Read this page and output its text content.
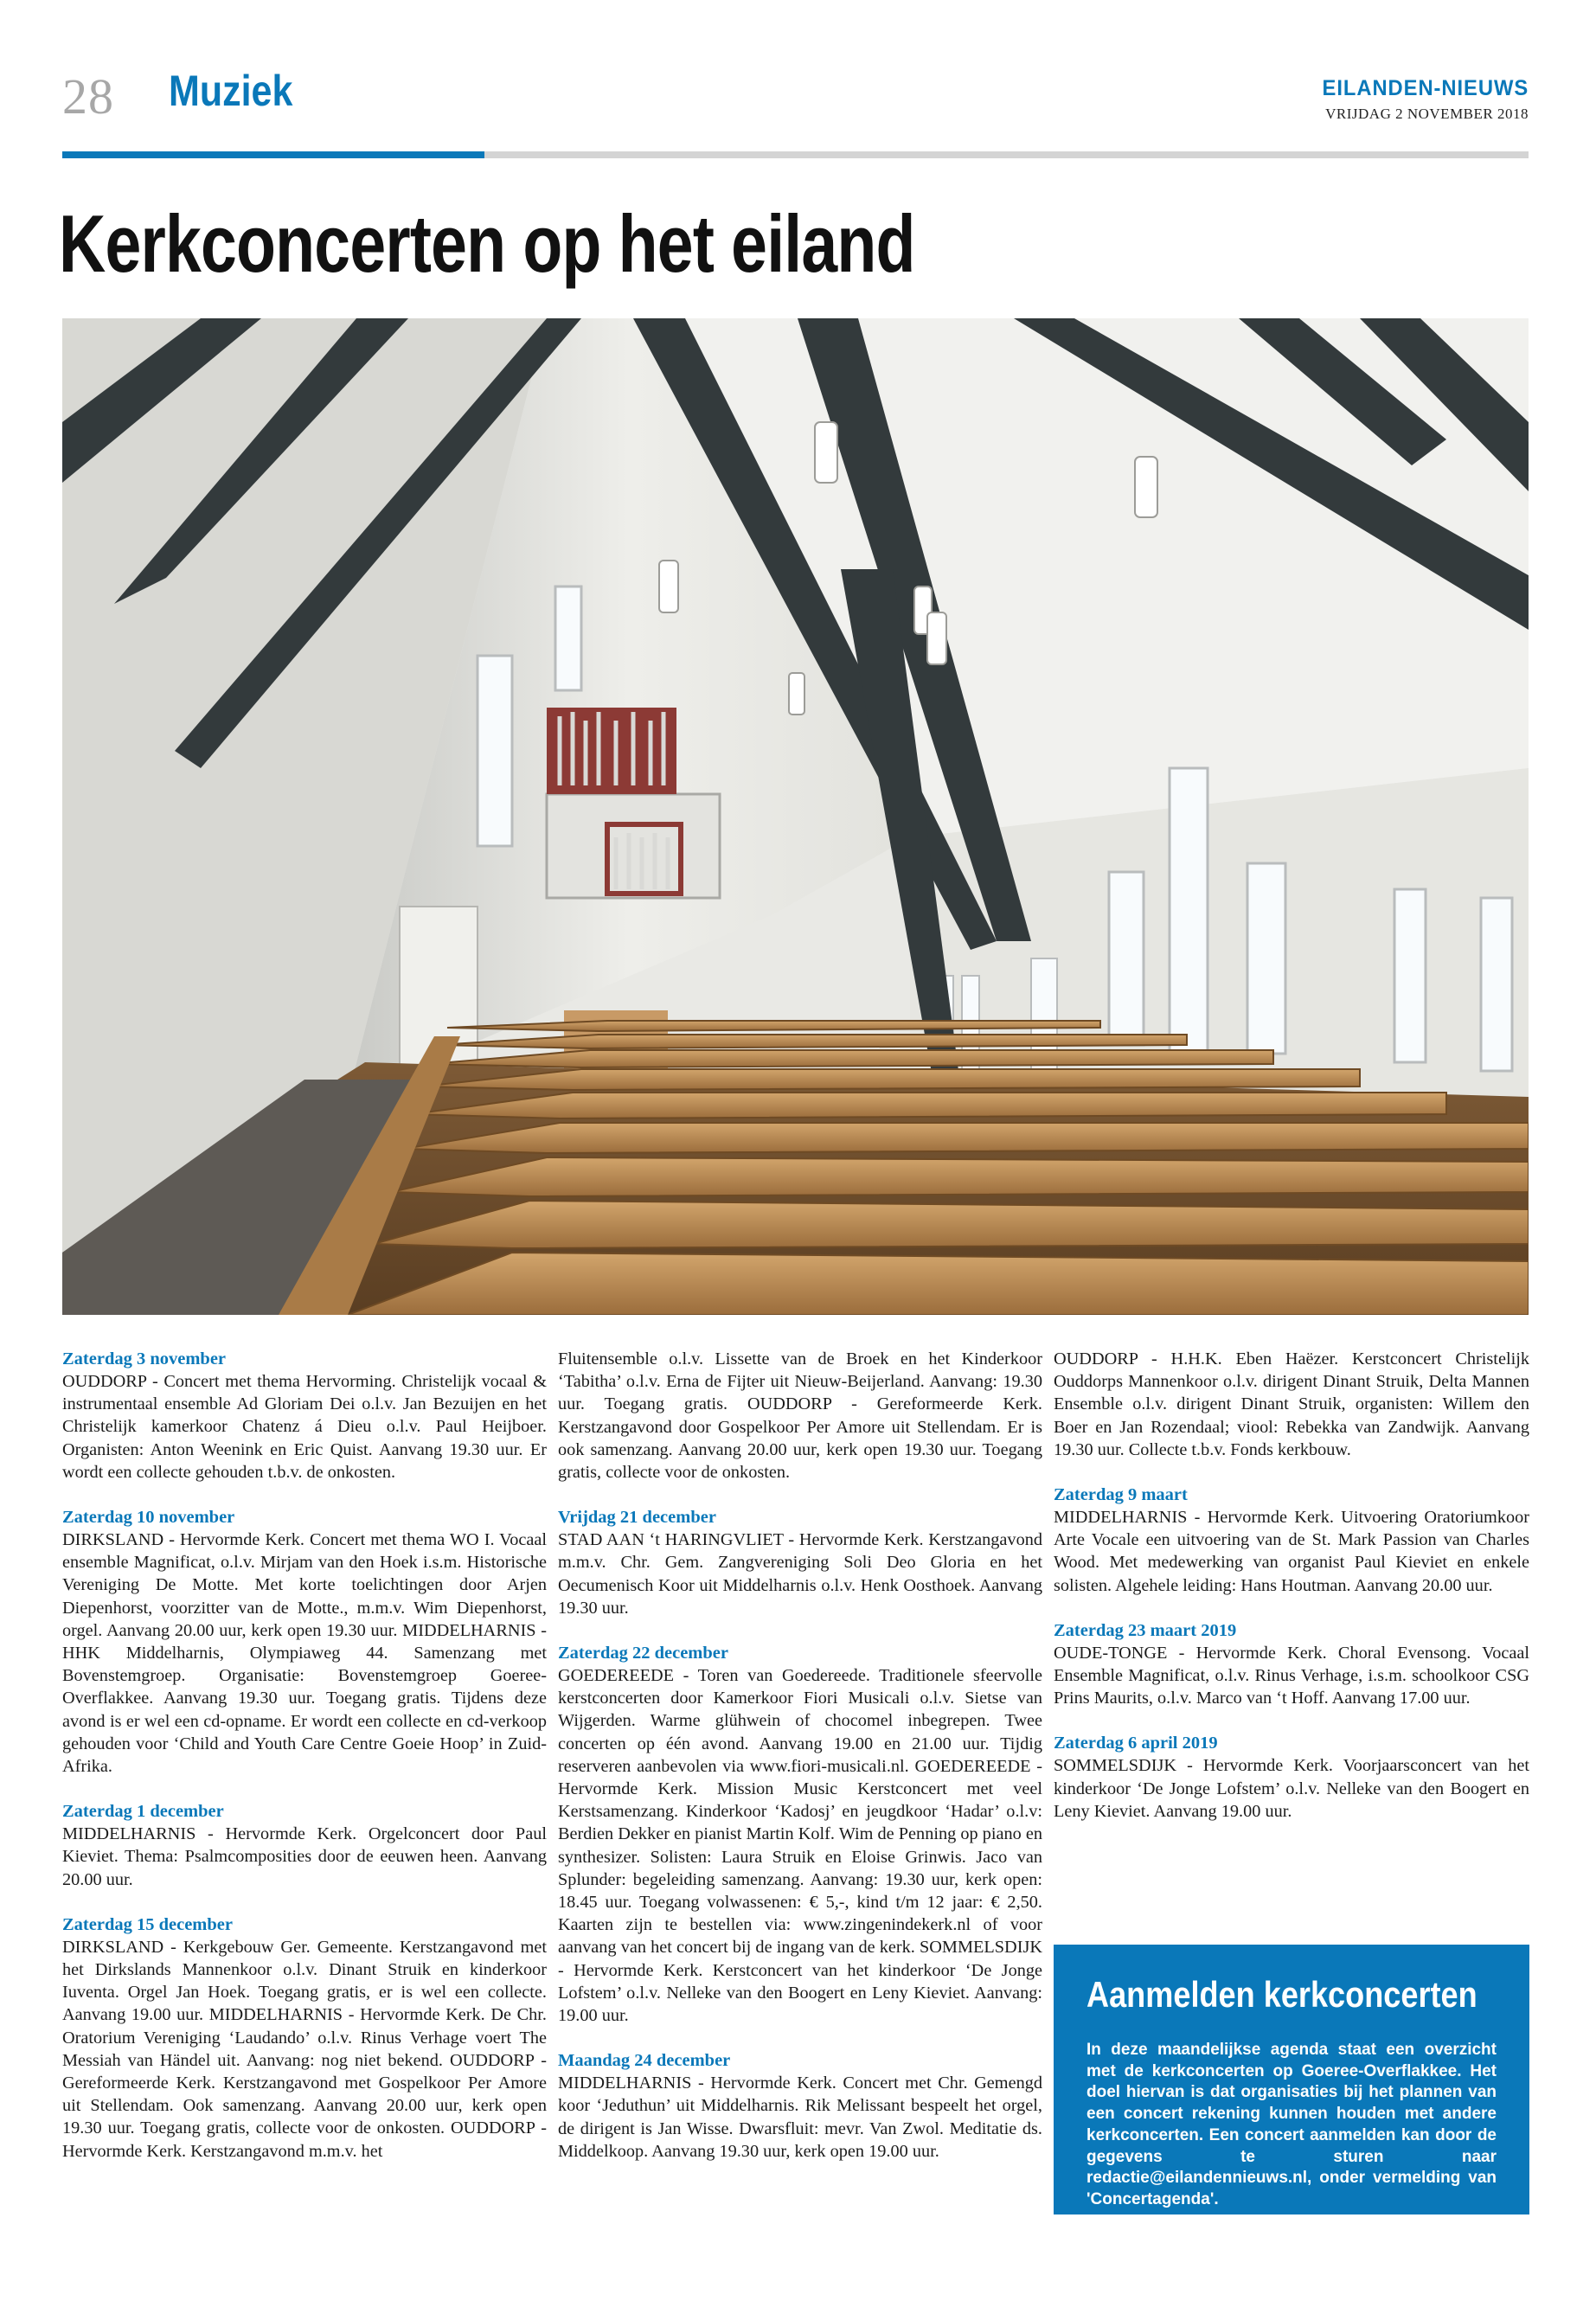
28 Muziek	EILANDEN-NIEUWS
VRIJDAG 2 NOVEMBER 2018
Kerkconcerten op het eiland
Zaterdag 3 november

OUDDORP - Concert met thema Hervorming. Christelijk vocaal & instrumentaal ensemble Ad Gloriam Dei o.l.v. Jan Bezuijen en het Christelijk kamerkoor Chatenz á Dieu o.l.v. Paul Heijboer. Organisten: Anton Weenink en Eric Quist. Aanvang 19.30 uur. Er wordt een collecte gehouden t.b.v. de onkosten.

Zaterdag 10 november

DIRKSLAND - Hervormde Kerk. Concert met thema WO I. Vocaal ensemble Magnificat, o.l.v. Mirjam van den Hoek i.s.m. Historische Vereniging De Motte. Met korte toelichtingen door Arjen Diepenhorst, voorzitter van de Motte., m.m.v. Wim Diepenhorst, orgel. Aanvang 20.00 uur, kerk open 19.30 uur. MIDDELHARNIS - HHK Middelharnis, Olympiaweg 44. Samenzang met Bovenstemgroep. Organisatie: Bovenstemgroep Goeree-Overflakkee. Aanvang 19.30 uur. Toegang gratis. Tijdens deze avond is er wel een cd-opname. Er wordt een collecte en cd-verkoop gehouden voor ‘Child and Youth Care Centre Goeie Hoop’ in Zuid-Afrika.

Zaterdag 1 december

MIDDELHARNIS - Hervormde Kerk. Orgelconcert door Paul Kieviet. Thema: Psalmcomposities door de eeuwen heen. Aanvang 20.00 uur.

Zaterdag 15 december

DIRKSLAND - Kerkgebouw Ger. Gemeente. Kerstzangavond met het Dirkslands Mannenkoor o.l.v. Dinant Struik en kinderkoor Iuventa. Orgel Jan Hoek. Toegang gratis, er is wel een collecte. Aanvang 19.00 uur. MIDDELHARNIS - Hervormde Kerk. De Chr. Oratorium Vereniging ‘Laudando’ o.l.v. Rinus Verhage voert The Messiah van Händel uit. Aanvang: nog niet bekend. OUDDORP - Gereformeerde Kerk. Kerstzangavond met Gospelkoor Per Amore uit Stellendam. Ook samenzang. Aanvang 20.00 uur, kerk open 19.30 uur. Toegang gratis, collecte voor de onkosten. OUDDORP - Hervormde Kerk. Kerstzangavond m.m.v. het

Fluitensemble o.l.v. Lissette van de Broek en het Kinderkoor ‘Tabitha’ o.l.v. Erna de Fijter uit Nieuw-Beijerland. Aanvang: 19.30 uur. Toegang gratis. OUDDORP - Gereformeerde Kerk. Kerstzangavond door Gospelkoor Per Amore uit Stellendam. Er is ook samenzang. Aanvang 20.00 uur, kerk open 19.30 uur. Toegang gratis, collecte voor de onkosten.

Vrijdag 21 december

STAD AAN ‘t HARINGVLIET - Hervormde Kerk. Kerstzangavond m.m.v. Chr. Gem. Zangvereniging Soli Deo Gloria en het Oecumenisch Koor uit Middelharnis o.l.v. Henk Oosthoek. Aanvang 19.30 uur.

Zaterdag 22 december

GOEDEREEDE - Toren van Goedereede. Traditionele sfeervolle kerstconcerten door Kamerkoor Fiori Musicali o.l.v. Sietse van Wijgerden. Warme glühwein of chocomel inbegrepen. Twee concerten op één avond. Aanvang 19.00 en 21.00 uur. Tijdig reserveren aanbevolen via www.fiori-musicali.nl. GOEDEREEDE - Hervormde Kerk. Mission Music Kerstconcert met veel Kerstsamenzang. Kinderkoor ‘Kadosj’ en jeugdkoor ‘Hadar’ o.l.v: Berdien Dekker en pianist Martin Kolf. Wim de Penning op piano en synthesizer. Solisten: Laura Struik en Eloise Grinwis. Jaco van Splunder: begeleiding samenzang. Aanvang: 19.30 uur, kerk open: 18.45 uur. Toegang volwassenen: € 5,-, kind t/m 12 jaar: € 2,50. Kaarten zijn te bestellen via: www.zingenindekerk.nl of voor aanvang van het concert bij de ingang van de kerk. SOMMELSDIJK - Hervormde Kerk. Kerstconcert van het kinderkoor ‘De Jonge Lofstem’ o.l.v. Nelleke van den Boogert en Leny Kieviet. Aanvang: 19.00 uur.

Maandag 24 december

MIDDELHARNIS - Hervormde Kerk. Concert met Chr. Gemengd koor ‘Jeduthun’ uit Middelharnis. Rik Melissant bespeelt het orgel, de dirigent is Jan Wisse. Dwarsfluit: mevr. Van Zwol. Meditatie ds. Middelkoop. Aanvang 19.30 uur, kerk open 19.00 uur.

OUDDORP - H.H.K. Eben Haëzer. Kerstconcert Christelijk Ouddorps Mannenkoor o.l.v. dirigent Dinant Struik, Delta Mannen Ensemble o.l.v. dirigent Dinant Struik, organisten: Willem den Boer en Jan Rozendaal; viool: Rebekka van Zandwijk. Aanvang 19.30 uur. Collecte t.b.v. Fonds kerkbouw.

Zaterdag 9 maart

MIDDELHARNIS - Hervormde Kerk. Uitvoering Oratoriumkoor Arte Vocale een uitvoering van de St. Mark Passion van Charles Wood. Met medewerking van organist Paul Kieviet en enkele solisten. Algehele leiding: Hans Houtman. Aanvang 20.00 uur.

Zaterdag 23 maart 2019

OUDE-TONGE - Hervormde Kerk. Choral Evensong. Vocaal Ensemble Magnificat, o.l.v. Rinus Verhage, i.s.m. schoolkoor CSG Prins Maurits, o.l.v. Marco van ‘t Hoff. Aanvang 17.00 uur.

Zaterdag 6 april 2019

SOMMELSDIJK - Hervormde Kerk. Voorjaarsconcert van het kinderkoor ‘De Jonge Lofstem’ o.l.v. Nelleke van den Boogert en Leny Kieviet. Aanvang 19.00 uur.

Aanmelden kerkconcerten
In deze maandelijkse agenda staat een overzicht met de kerkconcerten op Goeree-Overflakkee. Het doel hiervan is dat organisaties bij het plannen van een concert rekening kunnen houden met andere kerkconcerten. Een concert aanmelden kan door de gegevens te sturen naar redactie@eilandennieuws.nl, onder vermelding van 'Concertagenda'.
